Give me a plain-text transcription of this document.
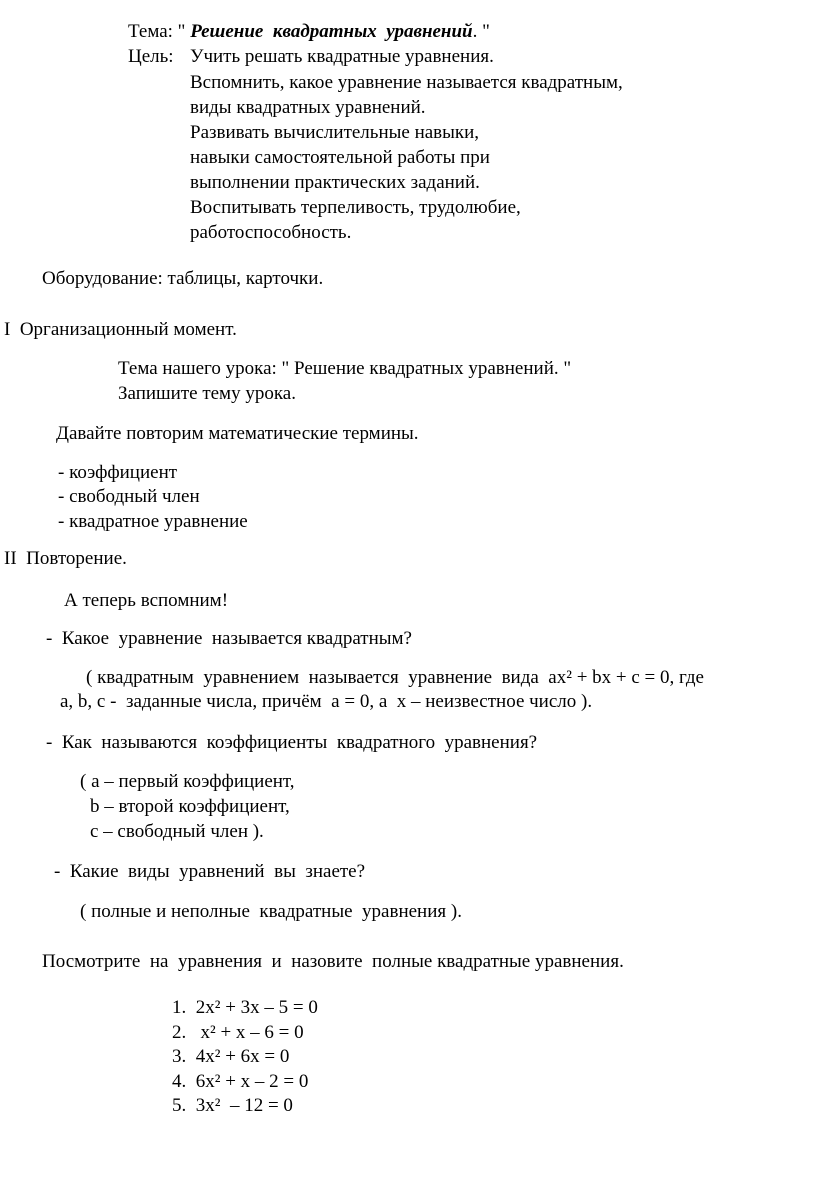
Тема: " Решение  квадратных  уравнений. "
Цель: Учить решать квадратные уравнения.
Вспомнить, какое уравнение называется квадратным,
виды квадратных уравнений.
Развивать вычислительные навыки,
навыки самостоятельной работы при
выполнении практических заданий.
Воспитывать терпеливость, трудолюбие,
работоспособность.
Оборудование: таблицы, карточки.
I  Организационный момент.
Тема нашего урока: " Решение квадратных уравнений. "
Запишите тему урока.
Давайте повторим математические термины.
- коэффициент
- свободный член
- квадратное уравнение
II  Повторение.
А теперь вспомним!
-  Какое  уравнение  называется квадратным?
( квадратным  уравнением  называется  уравнение  вида  ax² + bx + c = 0, где
a, b, c -  заданные числа, причём  a = 0, a  x – неизвестное число ).
-  Как  называются  коэффициенты  квадратного  уравнения?
( a – первый коэффициент,
b – второй коэффициент,
c – свободный член ).
-  Какие  виды  уравнений  вы  знаете?
( полные и неполные  квадратные  уравнения ).
Посмотрите  на  уравнения  и  назовите  полные квадратные уравнения.
1. 2x² + 3x – 5 = 0
2.   x² + x – 6 = 0
3. 4x² + 6x = 0
4. 6x² + x – 2 = 0
5. 3x²  – 12 = 0
